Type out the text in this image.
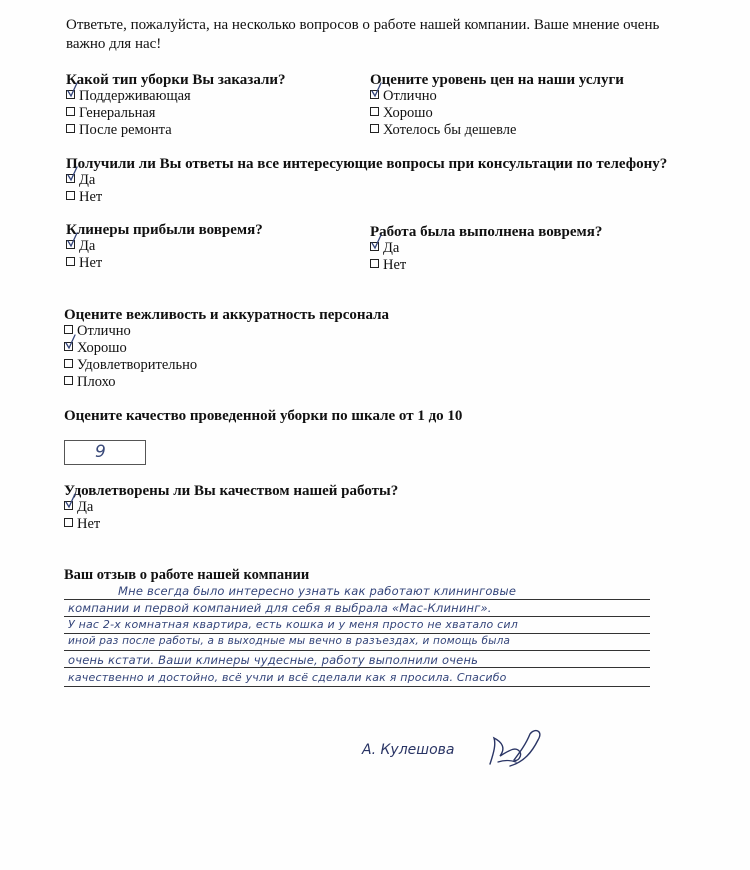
Ответьте, пожалуйста, на несколько вопросов о работе нашей компании. Ваше мнение очень важно для нас!
Какой тип уборки Вы заказали?
Поддерживающая
Генеральная
После ремонта
Оцените уровень цен на наши услуги
Отлично
Хорошо
Хотелось бы дешевле
Получили ли Вы ответы на все интересующие вопросы при консультации по телефону?
Да
Нет
Клинеры прибыли вовремя?
Да
Нет
Работа была выполнена вовремя?
Да
Нет
Оцените вежливость и аккуратность персонала
Отлично
Хорошо
Удовлетворительно
Плохо
Оцените качество проведенной уборки по шкале от 1 до 10
9
Удовлетворены ли Вы качеством нашей работы?
Да
Нет
Ваш отзыв о работе нашей компании
Мне всегда было интересно узнать как работают клининговые
компании и первой компанией для себя я выбрала «Мас-Клининг».
У нас 2-х комнатная квартира, есть кошка и у меня просто не хватало сил
иной раз после работы, а в выходные мы вечно в разъездах, и помощь была
очень кстати. Ваши клинеры чудесные, работу выполнили очень
качественно и достойно, всё учли и всё сделали как я просила. Спасибо
А. Кулешова
